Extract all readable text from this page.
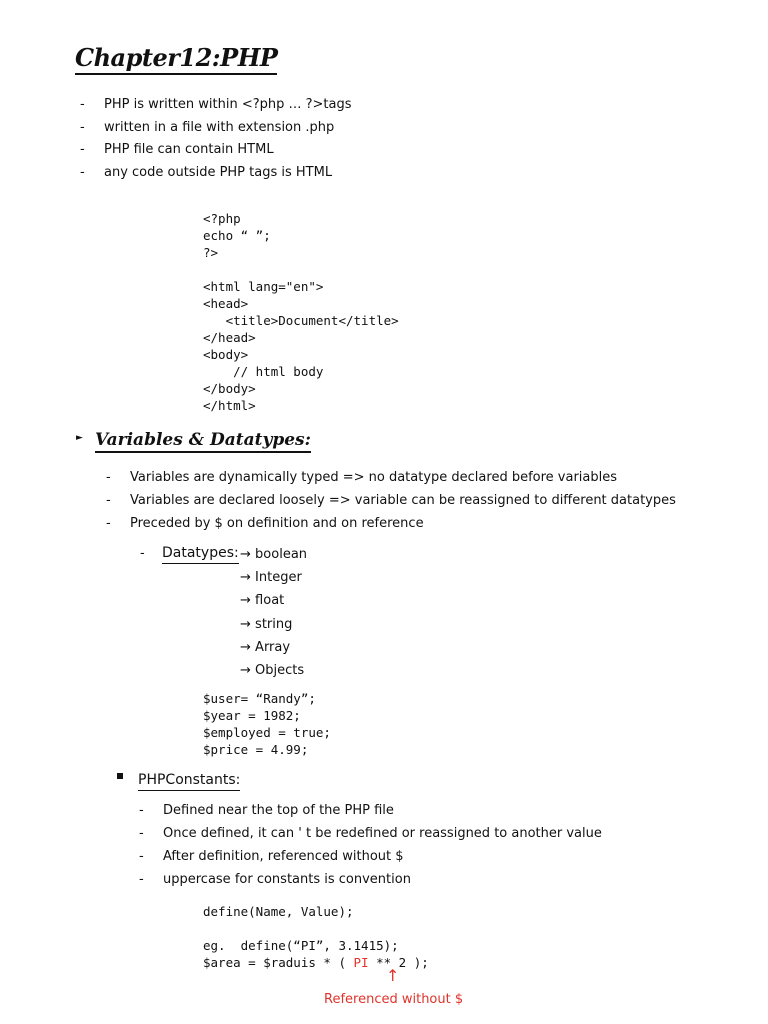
Chapter12:PHP
- PHP is written within <?php … ?>tags
- written in a file with extension .php
- PHP file can contain HTML
- any code outside PHP tags is HTML
<?php
echo “ ”;
?>

<html lang="en">
<head>
<title>Document</title>
</head>
<body>
// html body
</body>
</html>
► Variables & Datatypes:
- Variables are dynamically typed => no datatype declared before variables
- Variables are declared loosely => variable can be reassigned to different datatypes
- Preceded by $ on definition and on reference
- Datatypes: → boolean
→ Integer
→ float
→ string
→ Array
→ Objects
$user= “Randy”;
$year = 1982;
$employed = true;
$price = 4.99;
PHPConstants:
- Defined near the top of the PHP file
- Once defined, it can ' t be redefined or reassigned to another value
- After definition, referenced without $
- uppercase for constants is convention
define(Name, Value);
eg.  define(“PI”, 3.1415);
$area = $raduis * ( PI ** 2 );
↑
Referenced without $
